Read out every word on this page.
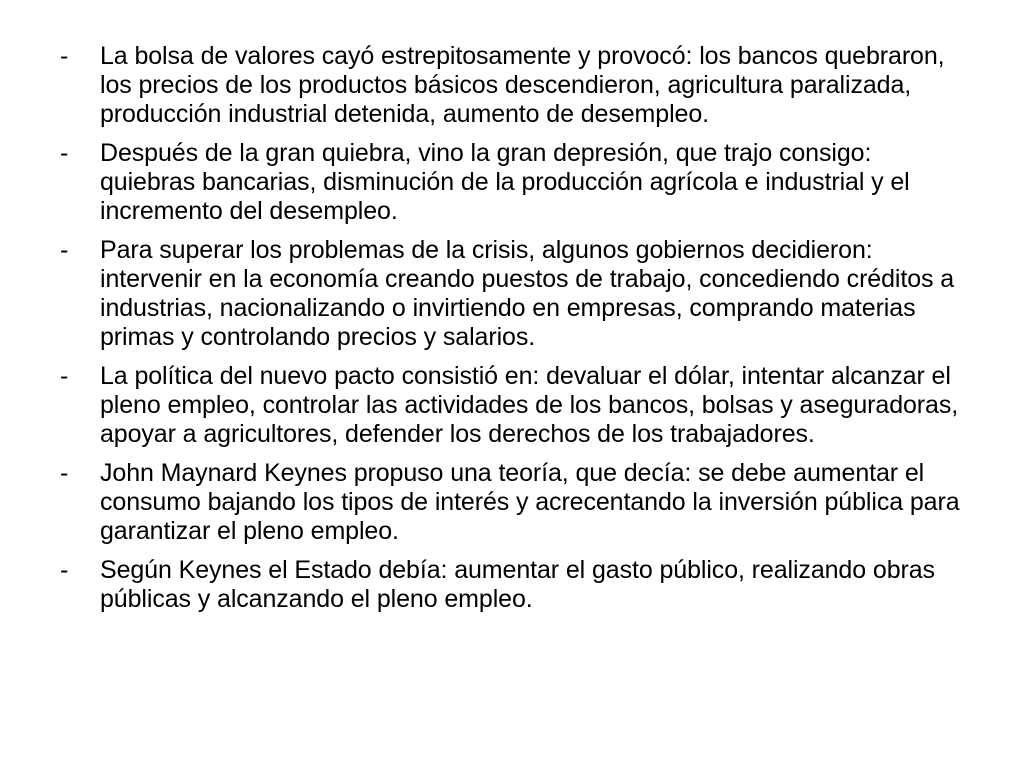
-	La bolsa de valores cayó estrepitosamente y provocó: los bancos quebraron, los precios de los productos básicos descendieron, agricultura paralizada, producción industrial detenida, aumento de desempleo.
-	Después de la gran quiebra, vino la gran depresión, que trajo consigo: quiebras bancarias, disminución de la producción agrícola e industrial y el incremento del desempleo.
-	Para superar los problemas de la crisis, algunos gobiernos decidieron: intervenir en la economía creando puestos de trabajo, concediendo créditos a industrias, nacionalizando o invirtiendo en empresas, comprando materias primas y controlando precios y salarios.
-	La política del nuevo pacto consistió en: devaluar el dólar, intentar alcanzar el pleno empleo, controlar las actividades de los bancos, bolsas y aseguradoras, apoyar a agricultores, defender los derechos de los trabajadores.
-	John Maynard Keynes propuso una teoría, que decía: se debe aumentar el consumo bajando los tipos de interés y acrecentando la inversión pública para garantizar el pleno empleo.
-	Según Keynes el Estado debía: aumentar el gasto público, realizando obras públicas y alcanzando el pleno empleo.
